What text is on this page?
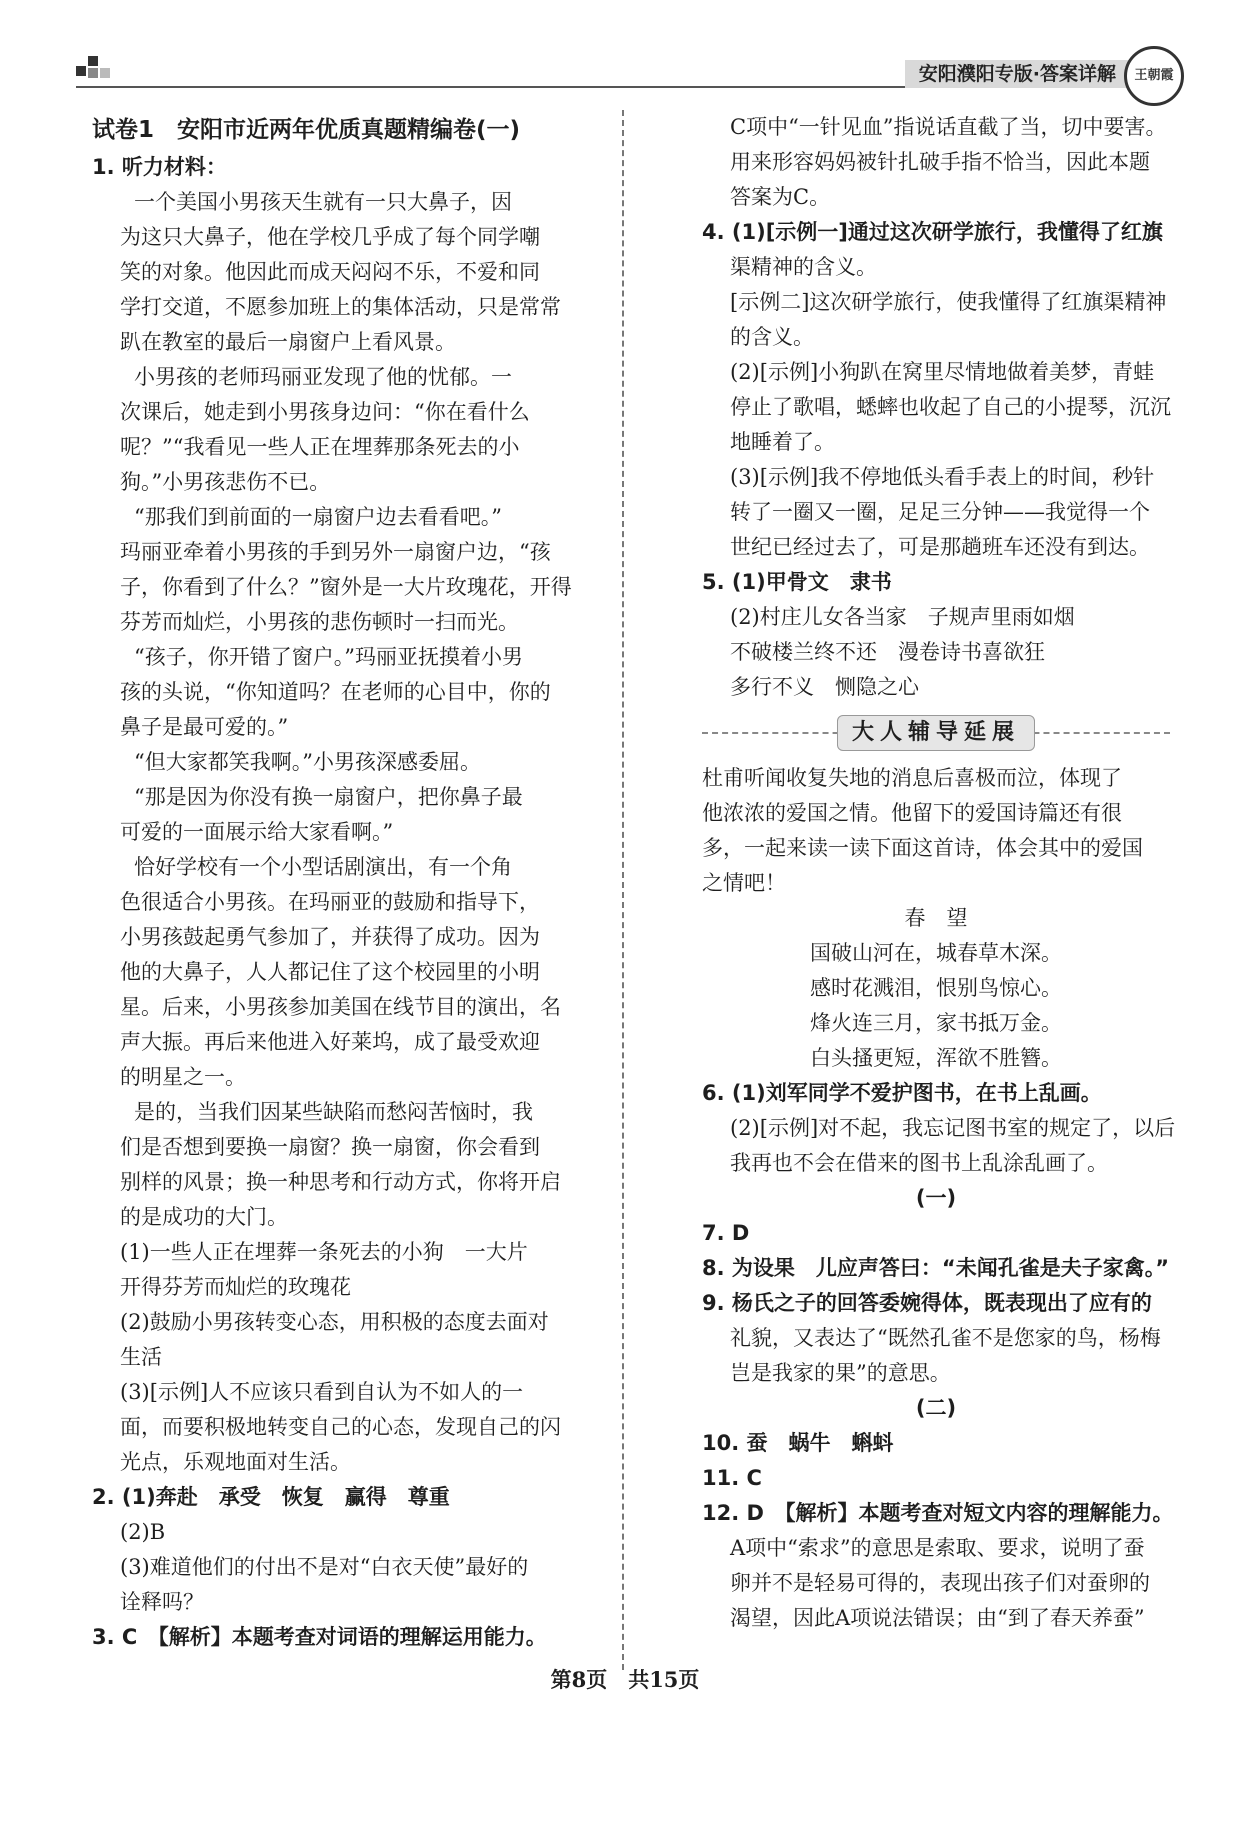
安阳濮阳专版·答案详解	王朝霞
试卷1　安阳市近两年优质真题精编卷(一)
1. 听力材料：
一个美国小男孩天生就有一只大鼻子，因
为这只大鼻子，他在学校几乎成了每个同学嘲
笑的对象。他因此而成天闷闷不乐，不爱和同
学打交道，不愿参加班上的集体活动，只是常常
趴在教室的最后一扇窗户上看风景。
小男孩的老师玛丽亚发现了他的忧郁。一
次课后，她走到小男孩身边问：“你在看什么
呢？”“我看见一些人正在埋葬那条死去的小
狗。”小男孩悲伤不已。
“那我们到前面的一扇窗户边去看看吧。”
玛丽亚牵着小男孩的手到另外一扇窗户边，“孩
子，你看到了什么？”窗外是一大片玫瑰花，开得
芬芳而灿烂，小男孩的悲伤顿时一扫而光。
“孩子，你开错了窗户。”玛丽亚抚摸着小男
孩的头说，“你知道吗？在老师的心目中，你的
鼻子是最可爱的。”
“但大家都笑我啊。”小男孩深感委屈。
“那是因为你没有换一扇窗户，把你鼻子最
可爱的一面展示给大家看啊。”
恰好学校有一个小型话剧演出，有一个角
色很适合小男孩。在玛丽亚的鼓励和指导下，
小男孩鼓起勇气参加了，并获得了成功。因为
他的大鼻子，人人都记住了这个校园里的小明
星。后来，小男孩参加美国在线节目的演出，名
声大振。再后来他进入好莱坞，成了最受欢迎
的明星之一。
是的，当我们因某些缺陷而愁闷苦恼时，我
们是否想到要换一扇窗？换一扇窗，你会看到
别样的风景；换一种思考和行动方式，你将开启
的是成功的大门。
(1)一些人正在埋葬一条死去的小狗　一大片
开得芬芳而灿烂的玫瑰花
(2)鼓励小男孩转变心态，用积极的态度去面对
生活
(3)[示例]人不应该只看到自认为不如人的一
面，而要积极地转变自己的心态，发现自己的闪
光点，乐观地面对生活。
2. (1)奔赴　承受　恢复　赢得　尊重
(2)B
(3)难道他们的付出不是对“白衣天使”最好的
诠释吗？
3. C　【解析】本题考查对词语的理解运用能力。
C项中“一针见血”指说话直截了当，切中要害。
用来形容妈妈被针扎破手指不恰当，因此本题
答案为C。
4. (1)[示例一]通过这次研学旅行，我懂得了红旗
渠精神的含义。
[示例二]这次研学旅行，使我懂得了红旗渠精神
的含义。
(2)[示例]小狗趴在窝里尽情地做着美梦，青蛙
停止了歌唱，蟋蟀也收起了自己的小提琴，沉沉
地睡着了。
(3)[示例]我不停地低头看手表上的时间，秒针
转了一圈又一圈，足足三分钟——我觉得一个
世纪已经过去了，可是那趟班车还没有到达。
5. (1)甲骨文　隶书
(2)村庄儿女各当家　子规声里雨如烟
不破楼兰终不还　漫卷诗书喜欲狂
多行不义　恻隐之心
大人辅导延展
杜甫听闻收复失地的消息后喜极而泣，体现了
他浓浓的爱国之情。他留下的爱国诗篇还有很
多，一起来读一读下面这首诗，体会其中的爱国
之情吧！
春　望
国破山河在，城春草木深。
感时花溅泪，恨别鸟惊心。
烽火连三月，家书抵万金。
白头搔更短，浑欲不胜簪。
6. (1)刘军同学不爱护图书，在书上乱画。
(2)[示例]对不起，我忘记图书室的规定了，以后
我再也不会在借来的图书上乱涂乱画了。
(一)
7. D
8. 为设果　儿应声答曰：“未闻孔雀是夫子家禽。”
9. 杨氏之子的回答委婉得体，既表现出了应有的
礼貌，又表达了“既然孔雀不是您家的鸟，杨梅
岂是我家的果”的意思。
(二)
10. 蚕　蜗牛　蝌蚪
11. C
12. D　【解析】本题考查对短文内容的理解能力。
A项中“索求”的意思是索取、要求，说明了蚕
卵并不是轻易可得的，表现出孩子们对蚕卵的
渴望，因此A项说法错误；由“到了春天养蚕”
第8页　共15页
